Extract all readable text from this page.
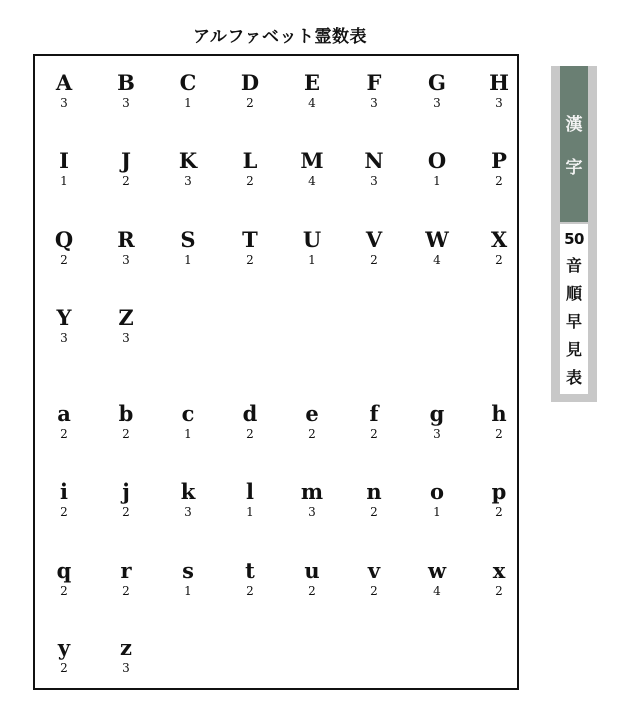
アルファベット霊数表
A
3
B
3
C
1
D
2
E
4
F
3
G
3
H
3
I
1
J
2
K
3
L
2
M
4
N
3
O
1
P
2
Q
2
R
3
S
1
T
2
U
1
V
2
W
4
X
2
Y
3
Z
3
a
2
b
2
c
1
d
2
e
2
f
2
g
3
h
2
i
2
j
2
k
3
l
1
m
3
n
2
o
1
p
2
q
2
r
2
s
1
t
2
u
2
v
2
w
4
x
2
y
2
z
3
漢
字
50
音
順
早
見
表
